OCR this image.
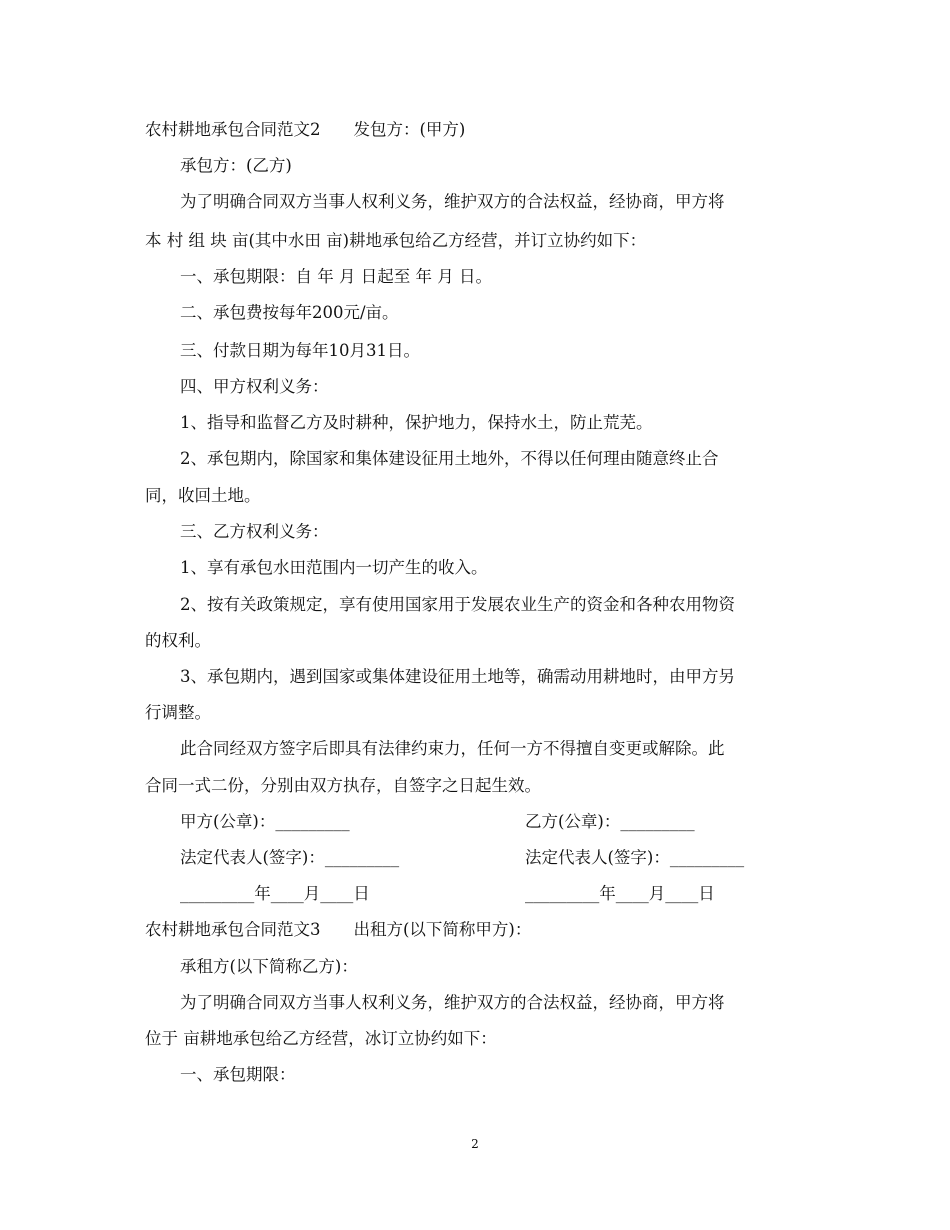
农村耕地承包合同范文2　　发包方：(甲方)
承包方：(乙方)
为了明确合同双方当事人权利义务，维护双方的合法权益，经协商，甲方将
本 村 组 块 亩(其中水田 亩)耕地承包给乙方经营，并订立协约如下：
一、承包期限：自 年 月 日起至 年 月 日。
二、承包费按每年200元/亩。
三、付款日期为每年10月31日。
四、甲方权利义务：
1、指导和监督乙方及时耕种，保护地力，保持水土，防止荒芜。
2、承包期内，除国家和集体建设征用土地外，不得以任何理由随意终止合
同，收回土地。
三、乙方权利义务：
1、享有承包水田范围内一切产生的收入。
2、按有关政策规定，享有使用国家用于发展农业生产的资金和各种农用物资
的权利。
3、承包期内，遇到国家或集体建设征用土地等，确需动用耕地时，由甲方另
行调整。
此合同经双方签字后即具有法律约束力，任何一方不得擅自变更或解除。此
合同一式二份，分别由双方执存，自签字之日起生效。
甲方(公章)：_________	乙方(公章)：_________
法定代表人(签字)：_________	法定代表人(签字)：_________
_________年____月____日	_________年____月____日
农村耕地承包合同范文3　　出租方(以下简称甲方)：
承租方(以下简称乙方)：
为了明确合同双方当事人权利义务，维护双方的合法权益，经协商，甲方将
位于 亩耕地承包给乙方经营，冰订立协约如下：
一、承包期限：
2
